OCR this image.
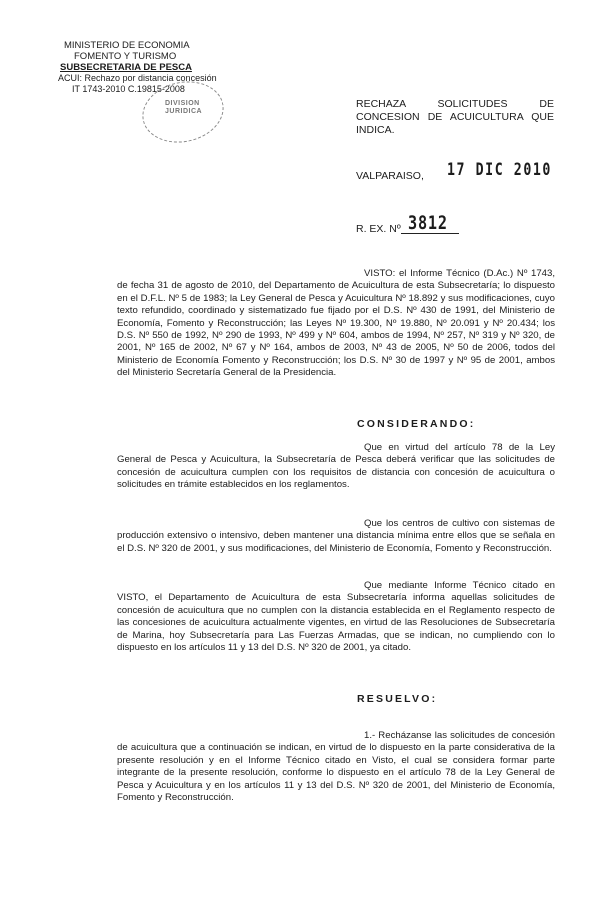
MINISTERIO DE ECONOMIA
FOMENTO Y TURISMO
SUBSECRETARIA DE PESCA
ACUI: Rechazo por distancia concesión
IT 1743-2010 C.19815-2008
DIVISION
JURIDICA
RECHAZA SOLICITUDES DE
CONCESION DE ACUICULTURA QUE
INDICA.
VALPARAISO, 17 DIC 2010
R. EX. Nº 3812
VISTO: el Informe Técnico (D.Ac.) Nº 1743, de fecha 31 de agosto de 2010, del Departamento de Acuicultura de esta Subsecretaría; lo dispuesto en el D.F.L. Nº 5 de 1983; la Ley General de Pesca y Acuicultura Nº 18.892 y sus modificaciones, cuyo texto refundido, coordinado y sistematizado fue fijado por el D.S. Nº 430 de 1991, del Ministerio de Economía, Fomento y Reconstrucción; las Leyes Nº 19.300, Nº 19.880, Nº 20.091 y Nº 20.434; los D.S. Nº 550 de 1992, Nº 290 de 1993, Nº 499 y Nº 604, ambos de 1994, Nº 257, Nº 319 y Nº 320, de 2001, Nº 165 de 2002, Nº 67 y Nº 164, ambos de 2003, Nº 43 de 2005, Nº 50 de 2006, todos del Ministerio de Economía Fomento y Reconstrucción; los D.S. Nº 30 de 1997 y Nº 95 de 2001, ambos del Ministerio Secretaría General de la Presidencia.
CONSIDERANDO:
Que en virtud del artículo 78 de la Ley General de Pesca y Acuicultura, la Subsecretaría de Pesca deberá verificar que las solicitudes de concesión de acuicultura cumplen con los requisitos de distancia con concesión de acuicultura o solicitudes en trámite establecidos en los reglamentos.
Que los centros de cultivo con sistemas de producción extensivo o intensivo, deben mantener una distancia mínima entre ellos que se señala en el D.S. Nº 320 de 2001, y sus modificaciones, del Ministerio de Economía, Fomento y Reconstrucción.
Que mediante Informe Técnico citado en VISTO, el Departamento de Acuicultura de esta Subsecretaría informa aquellas solicitudes de concesión de acuicultura que no cumplen con la distancia establecida en el Reglamento respecto de las concesiones de acuicultura actualmente vigentes, en virtud de las Resoluciones de Subsecretaría de Marina, hoy Subsecretaría para Las Fuerzas Armadas, que se indican, no cumpliendo con lo dispuesto en los artículos 11 y 13 del D.S. Nº 320 de 2001, ya citado.
RESUELVO:
1.- Recházanse las solicitudes de concesión de acuicultura que a continuación se indican, en virtud de lo dispuesto en la parte considerativa de la presente resolución y en el Informe Técnico citado en Visto, el cual se considera formar parte integrante de la presente resolución, conforme lo dispuesto en el artículo 78 de la Ley General de Pesca y Acuicultura y en los artículos 11 y 13 del D.S. Nº 320 de 2001, del Ministerio de Economía, Fomento y Reconstrucción.
